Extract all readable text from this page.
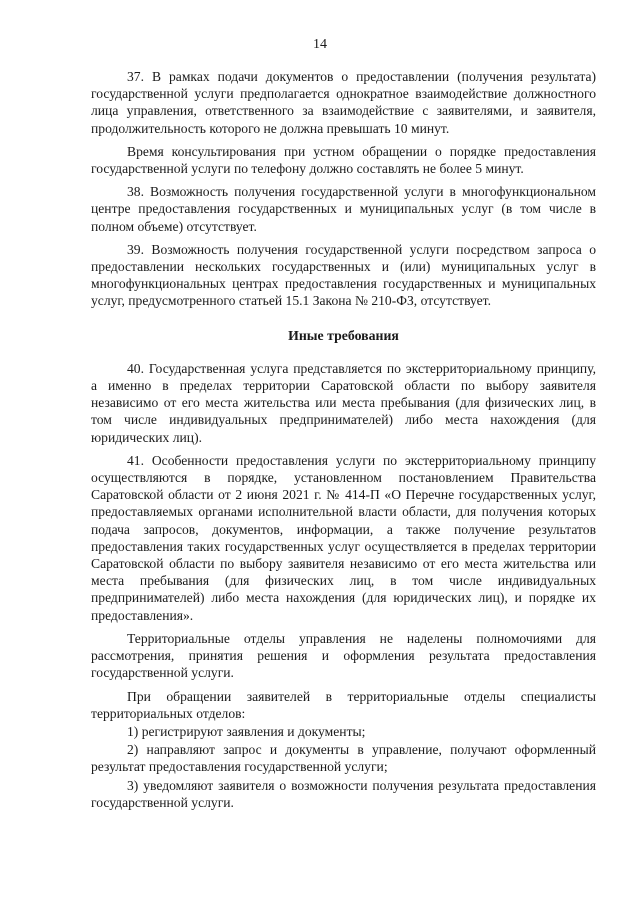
14

37. В рамках подачи документов о предоставлении (получения результата) государственной услуги предполагается однократное взаимодействие должностного лица управления, ответственного за взаимодействие с заявителями, и заявителя, продолжительность которого не должна превышать 10 минут.

Время консультирования при устном обращении о порядке предоставления государственной услуги по телефону должно составлять не более 5 минут.

38. Возможность получения государственной услуги в многофункциональном центре предоставления государственных и муниципальных услуг (в том числе в полном объеме) отсутствует.

39. Возможность получения государственной услуги посредством запроса о предоставлении нескольких государственных и (или) муниципальных услуг в многофункциональных центрах предоставления государственных и муниципальных услуг, предусмотренного статьей 15.1 Закона № 210-ФЗ, отсутствует.

Иные требования

40. Государственная услуга представляется по экстерриториальному принципу, а именно в пределах территории Саратовской области по выбору заявителя независимо от его места жительства или места пребывания (для физических лиц, в том числе индивидуальных предпринимателей) либо места нахождения (для юридических лиц).

41. Особенности предоставления услуги по экстерриториальному принципу осуществляются в порядке, установленном постановлением Правительства Саратовской области от 2 июня 2021 г. № 414-П «О Перечне государственных услуг, предоставляемых органами исполнительной власти области, для получения которых подача запросов, документов, информации, а также получение результатов предоставления таких государственных услуг осуществляется в пределах территории Саратовской области по выбору заявителя независимо от его места жительства или места пребывания (для физических лиц, в том числе индивидуальных предпринимателей) либо места нахождения (для юридических лиц), и порядке их предоставления».

Территориальные отделы управления не наделены полномочиями для рассмотрения, принятия решения и оформления результата предоставления государственной услуги.

При обращении заявителей в территориальные отделы специалисты территориальных отделов:

1) регистрируют заявления и документы;

2) направляют запрос и документы в управление, получают оформленный результат предоставления государственной услуги;

3) уведомляют заявителя о возможности получения результата предоставления государственной услуги.
